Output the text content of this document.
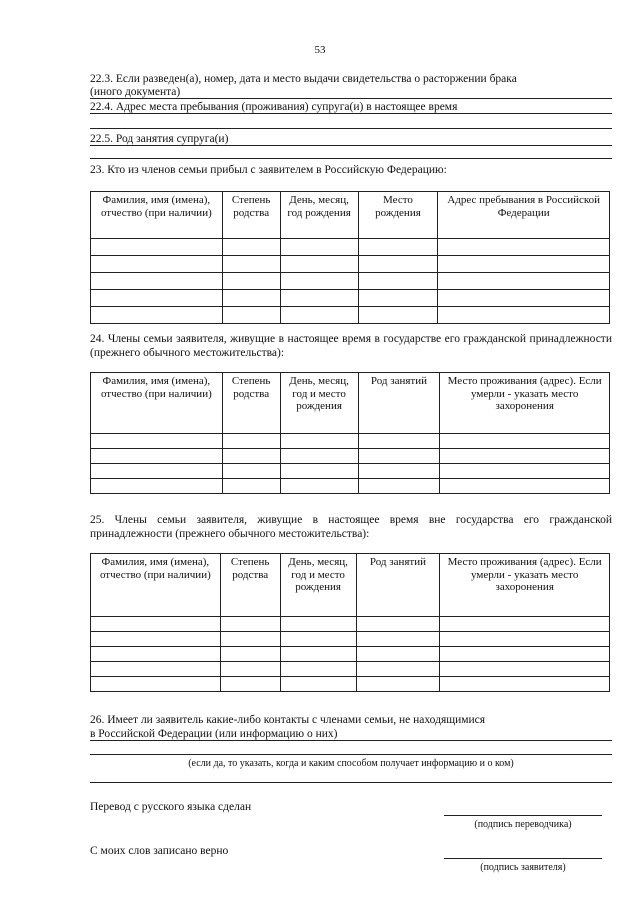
53
22.3. Если разведен(а), номер, дата и место выдачи свидетельства о расторжении брака
(иного документа)
22.4. Адрес места пребывания (проживания) супруга(и) в настоящее время
22.5. Род занятия супруга(и)
23. Кто из членов семьи прибыл с заявителем в Российскую Федерацию:
Фамилия, имя (имена), отчество (при наличии)	Степень родства	День, месяц, год рождения	Место рождения	Адрес пребывания в Российской Федерации

24. Члены семьи заявителя, живущие в настоящее время в государстве его гражданской принадлежности (прежнего обычного местожительства):
Фамилия, имя (имена), отчество (при наличии)	Степень родства	День, месяц, год и место рождения	Род занятий	Место проживания (адрес). Если умерли - указать место захоронения

25. Члены семьи заявителя, живущие в настоящее время вне государства его гражданской принадлежности (прежнего обычного местожительства):
Фамилия, имя (имена), отчество (при наличии)	Степень родства	День, месяц, год и место рождения	Род занятий	Место проживания (адрес). Если умерли - указать место захоронения

26. Имеет ли заявитель какие-либо контакты с членами семьи, не находящимися
в Российской Федерации (или информацию о них)
(если да, то указать, когда и каким способом получает информацию и о ком)
Перевод с русского языка сделан
(подпись переводчика)
С моих слов записано верно
(подпись заявителя)
